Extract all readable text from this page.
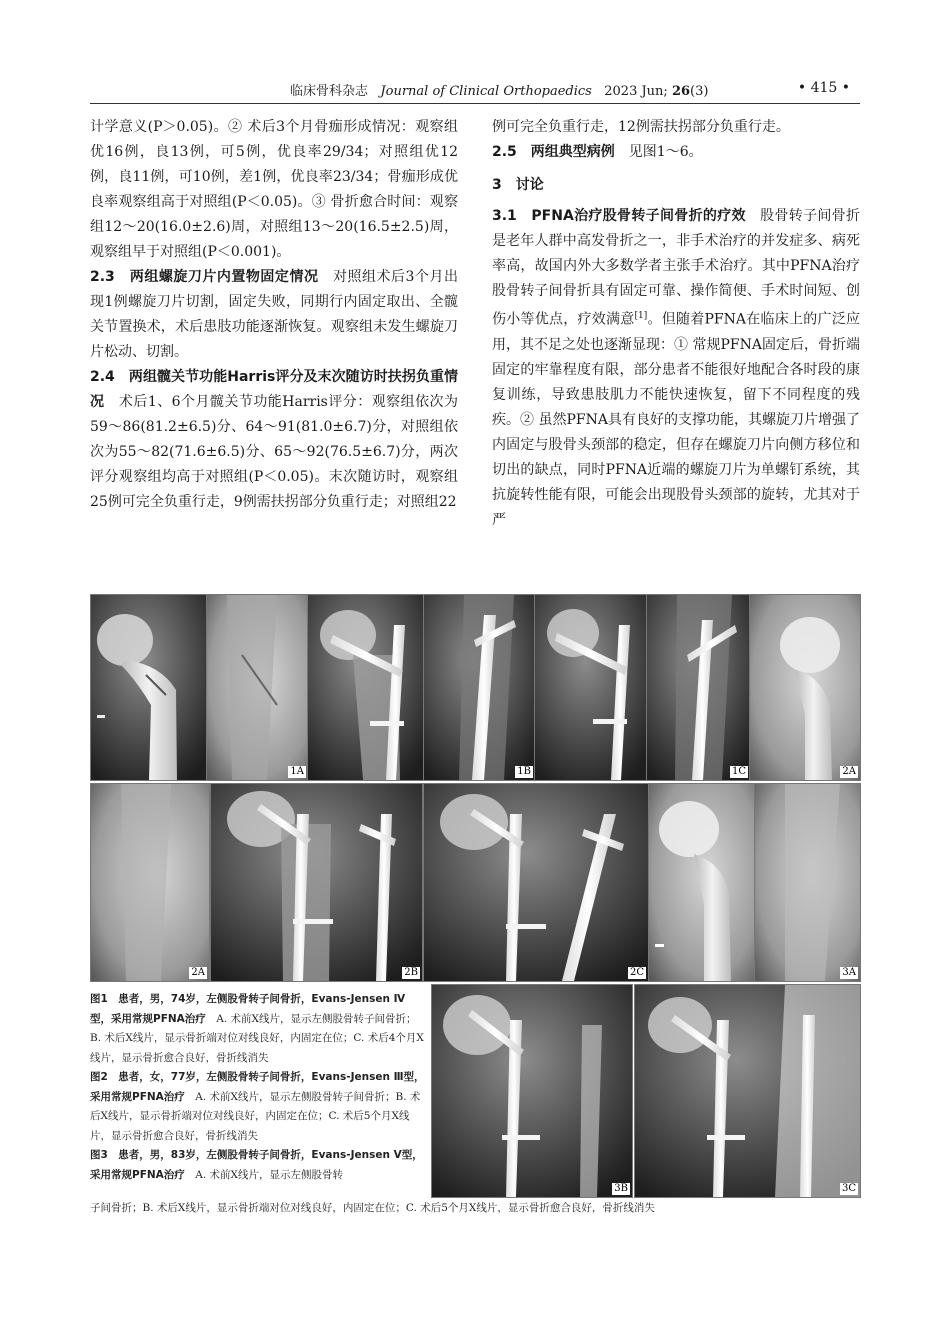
临床骨科杂志 Journal of Clinical Orthopaedics 2023 Jun; 26(3)	• 415 •

计学意义(P＞0.05)。② 术后3个月骨痂形成情况：观察组优16例，良13例，可5例，优良率29/34；对照组优12例，良11例，可10例，差1例，优良率23/34；骨痂形成优良率观察组高于对照组(P＜0.05)。③ 骨折愈合时间：观察组12～20(16.0±2.6)周，对照组13～20(16.5±2.5)周，观察组早于对照组(P＜0.001)。

2.3　两组螺旋刀片内置物固定情况　对照组术后3个月出现1例螺旋刀片切割，固定失败，同期行内固定取出、全髋关节置换术，术后患肢功能逐渐恢复。观察组未发生螺旋刀片松动、切割。

2.4　两组髋关节功能Harris评分及末次随访时扶拐负重情况　术后1、6个月髋关节功能Harris评分：观察组依次为59～86(81.2±6.5)分、64～91(81.0±6.7)分，对照组依次为55～82(71.6±6.5)分、65～92(76.5±6.7)分，两次评分观察组均高于对照组(P＜0.05)。末次随访时，观察组25例可完全负重行走，9例需扶拐部分负重行走；对照组22

例可完全负重行走，12例需扶拐部分负重行走。

2.5　两组典型病例　见图1～6。

3　讨论

3.1　PFNA治疗股骨转子间骨折的疗效　股骨转子间骨折是老年人群中高发骨折之一，非手术治疗的并发症多、病死率高，故国内外大多数学者主张手术治疗。其中PFNA治疗股骨转子间骨折具有固定可靠、操作简便、手术时间短、创伤小等优点，疗效满意[1]。但随着PFNA在临床上的广泛应用，其不足之处也逐渐显现：① 常规PFNA固定后，骨折端固定的牢靠程度有限，部分患者不能很好地配合各时段的康复训练，导致患肢肌力不能快速恢复，留下不同程度的残疾。② 虽然PFNA具有良好的支撑功能，其螺旋刀片增强了内固定与股骨头颈部的稳定，但存在螺旋刀片向侧方移位和切出的缺点，同时PFNA近端的螺旋刀片为单螺钉系统，其抗旋转性能有限，可能会出现股骨头颈部的旋转，尤其对于严

1A	1B	1C	2A
2A	2B	2C	3A
3B	3C
图1　患者，男，74岁，左侧股骨转子间骨折，Evans-Jensen Ⅳ型，采用常规PFNA治疗　A. 术前X线片，显示左侧股骨转子间骨折；B. 术后X线片，显示骨折端对位对线良好，内固定在位；C. 术后4个月X线片，显示骨折愈合良好，骨折线消失
图2　患者，女，77岁，左侧股骨转子间骨折，Evans-Jensen Ⅲ型，采用常规PFNA治疗　A. 术前X线片，显示左侧股骨转子间骨折；B. 术后X线片，显示骨折端对位对线良好，内固定在位；C. 术后5个月X线片，显示骨折愈合良好，骨折线消失
图3　患者，男，83岁，左侧股骨转子间骨折，Evans-Jensen Ⅴ型，采用常规PFNA治疗　A. 术前X线片，显示左侧股骨转
子间骨折；B. 术后X线片，显示骨折端对位对线良好，内固定在位；C. 术后5个月X线片，显示骨折愈合良好，骨折线消失
